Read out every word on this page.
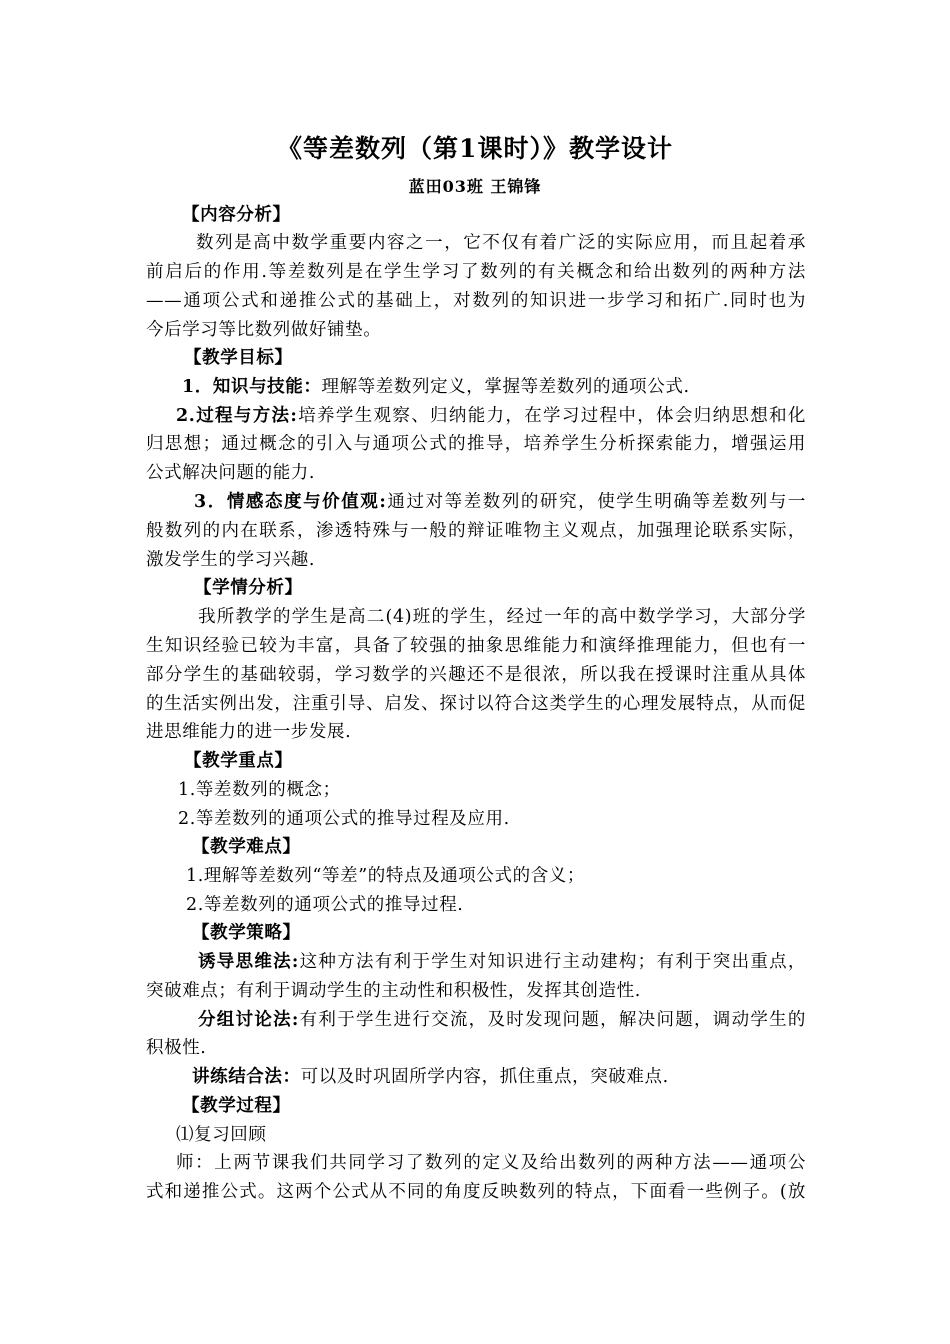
《等差数列（第1课时）》教学设计
蓝田03班 王锦锋
【内容分析】
数列是高中数学重要内容之一，它不仅有着广泛的实际应用，而且起着承
前启后的作用.等差数列是在学生学习了数列的有关概念和给出数列的两种方法
——通项公式和递推公式的基础上，对数列的知识进一步学习和拓广.同时也为
今后学习等比数列做好铺垫。
【教学目标】
1．知识与技能：理解等差数列定义，掌握等差数列的通项公式.
2.过程与方法:培养学生观察、归纳能力，在学习过程中，体会归纳思想和化
归思想；通过概念的引入与通项公式的推导，培养学生分析探索能力，增强运用
公式解决问题的能力.
3．情感态度与价值观:通过对等差数列的研究，使学生明确等差数列与一
般数列的内在联系，渗透特殊与一般的辩证唯物主义观点，加强理论联系实际，
激发学生的学习兴趣.
【学情分析】
我所教学的学生是高二(4)班的学生，经过一年的高中数学学习，大部分学
生知识经验已较为丰富，具备了较强的抽象思维能力和演绎推理能力，但也有一
部分学生的基础较弱，学习数学的兴趣还不是很浓，所以我在授课时注重从具体
的生活实例出发，注重引导、启发、探讨以符合这类学生的心理发展特点，从而促
进思维能力的进一步发展.
【教学重点】
1.等差数列的概念；
2.等差数列的通项公式的推导过程及应用.
【教学难点】
1.理解等差数列“等差”的特点及通项公式的含义；
2.等差数列的通项公式的推导过程.
【教学策略】
诱导思维法:这种方法有利于学生对知识进行主动建构；有利于突出重点，
突破难点；有利于调动学生的主动性和积极性，发挥其创造性.
分组讨论法:有利于学生进行交流，及时发现问题，解决问题，调动学生的
积极性.
讲练结合法：可以及时巩固所学内容，抓住重点，突破难点.
【教学过程】
⑴复习回顾
师：上两节课我们共同学习了数列的定义及给出数列的两种方法——通项公
式和递推公式。这两个公式从不同的角度反映数列的特点，下面看一些例子。(放
